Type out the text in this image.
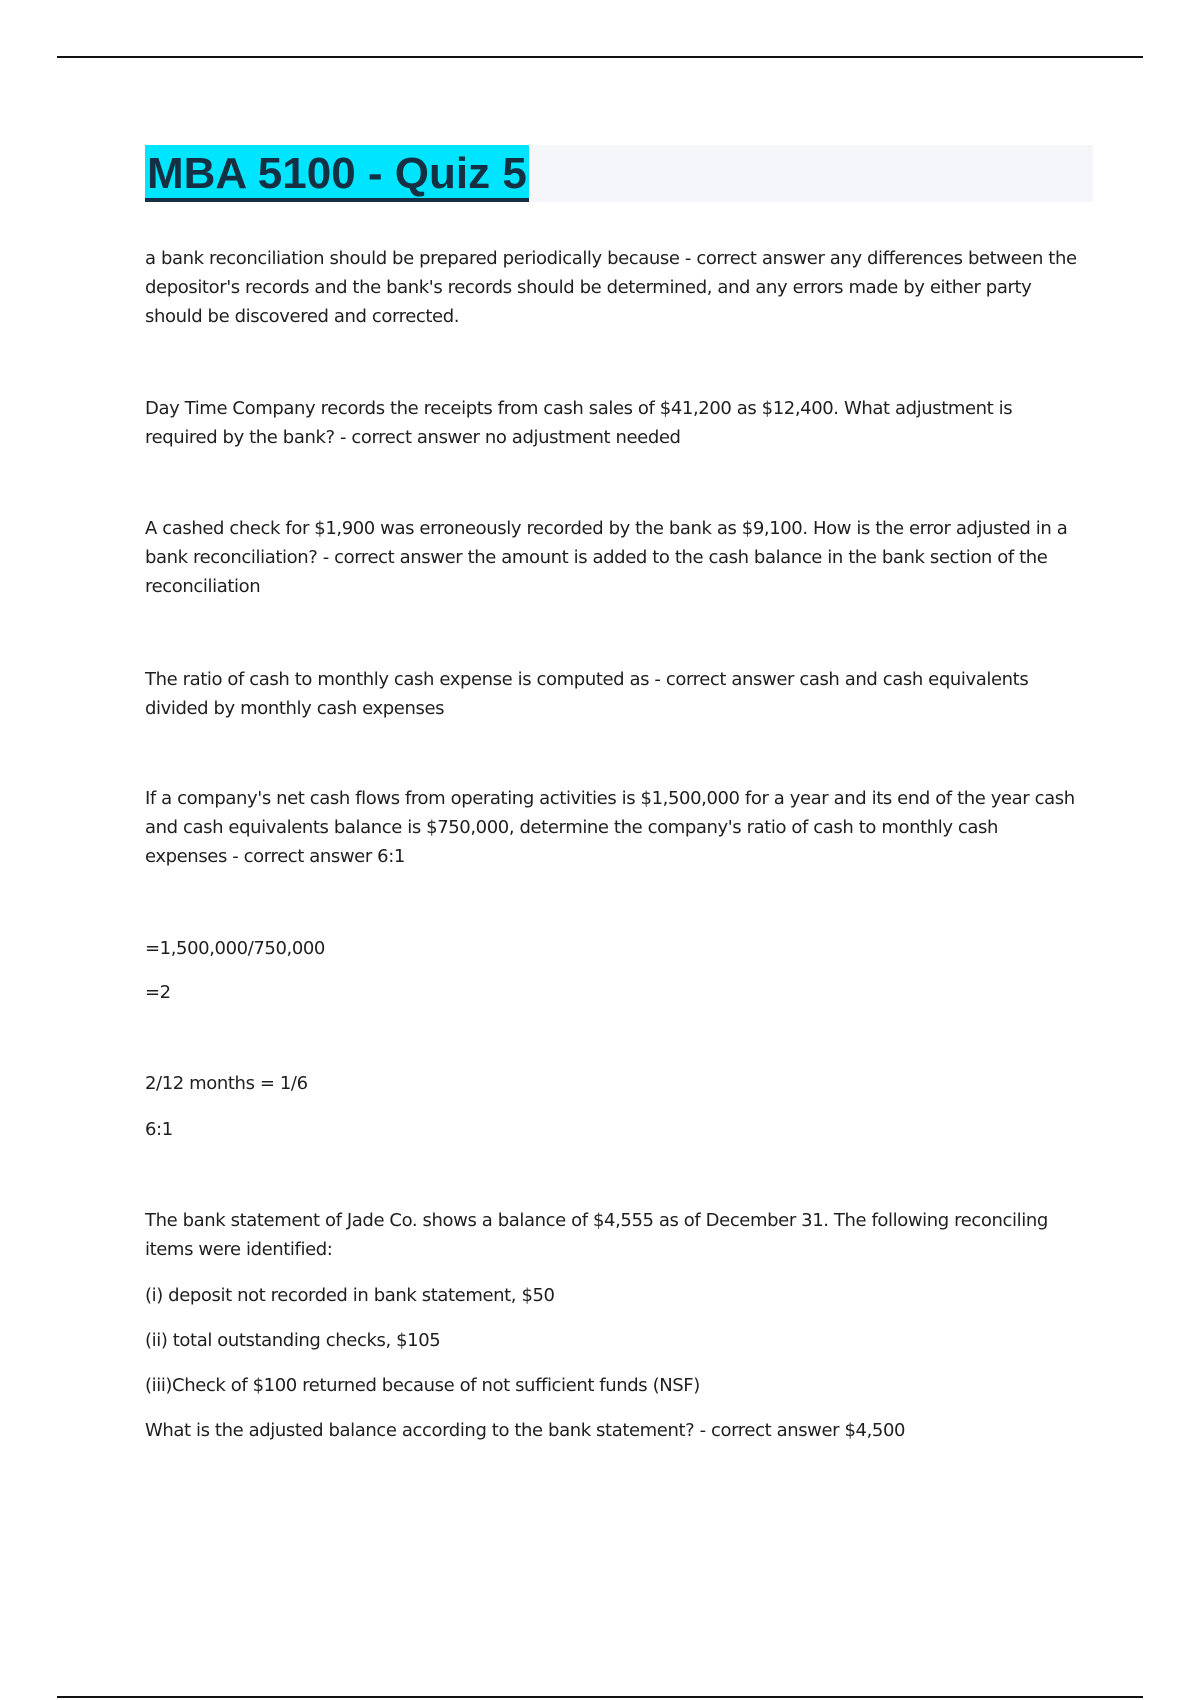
MBA 5100 - Quiz 5

a bank reconciliation should be prepared periodically because - correct answer any differences between the depositor's records and the bank's records should be determined, and any errors made by either party should be discovered and corrected.

Day Time Company records the receipts from cash sales of $41,200 as $12,400. What adjustment is required by the bank? - correct answer no adjustment needed

A cashed check for $1,900 was erroneously recorded by the bank as $9,100. How is the error adjusted in a bank reconciliation? - correct answer the amount is added to the cash balance in the bank section of the reconciliation

The ratio of cash to monthly cash expense is computed as - correct answer cash and cash equivalents divided by monthly cash expenses

If a company's net cash flows from operating activities is $1,500,000 for a year and its end of the year cash and cash equivalents balance is $750,000, determine the company's ratio of cash to monthly cash expenses - correct answer 6:1

=1,500,000/750,000

=2

2/12 months = 1/6

6:1

The bank statement of Jade Co. shows a balance of $4,555 as of December 31. The following reconciling items were identified:

(i) deposit not recorded in bank statement, $50

(ii) total outstanding checks, $105

(iii)Check of $100 returned because of not sufficient funds (NSF)

What is the adjusted balance according to the bank statement? - correct answer $4,500
